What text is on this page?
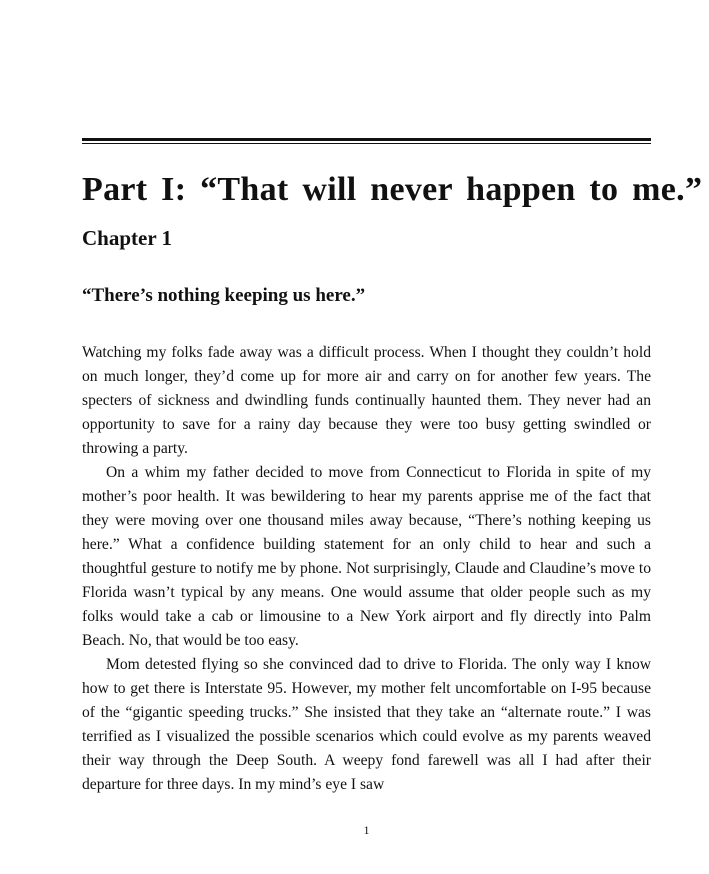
Part I: “That will never happen to me.”
Chapter 1
“There’s nothing keeping us here.”

Watching my folks fade away was a difficult process. When I thought they couldn’t hold on much longer, they’d come up for more air and carry on for another few years. The specters of sickness and dwindling funds continually haunted them. They never had an opportunity to save for a rainy day because they were too busy getting swindled or throwing a party.

On a whim my father decided to move from Connecticut to Florida in spite of my mother’s poor health. It was bewildering to hear my parents apprise me of the fact that they were moving over one thousand miles away because, “There’s nothing keeping us here.” What a confidence building statement for an only child to hear and such a thoughtful gesture to notify me by phone. Not surprisingly, Claude and Claudine’s move to Florida wasn’t typical by any means. One would assume that older people such as my folks would take a cab or limousine to a New York airport and fly directly into Palm Beach. No, that would be too easy.

Mom detested flying so she convinced dad to drive to Florida. The only way I know how to get there is Interstate 95. However, my mother felt uncomfortable on I-95 because of the “gigantic speeding trucks.” She insisted that they take an “alternate route.” I was terrified as I visualized the possible scenarios which could evolve as my parents weaved their way through the Deep South. A weepy fond farewell was all I had after their departure for three days. In my mind’s eye I saw

1
